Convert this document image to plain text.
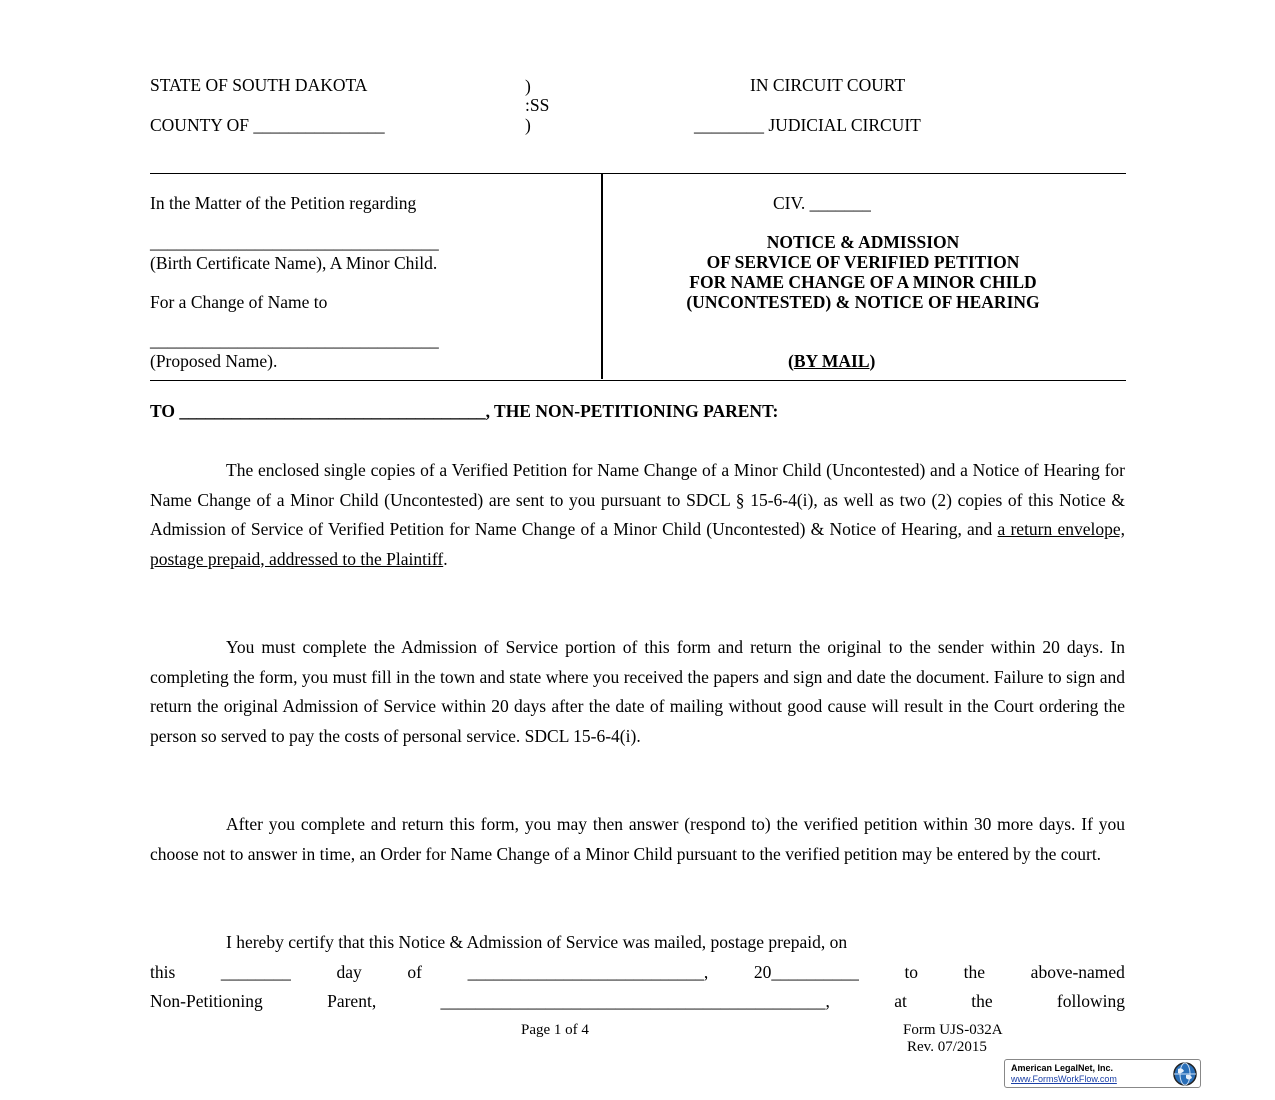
STATE OF SOUTH DAKOTA
COUNTY OF _______________
)
:SS
)
IN CIRCUIT COURT
________ JUDICIAL CIRCUIT
In the Matter of the Petition regarding
_________________________________
(Birth Certificate Name), A Minor Child.
For a Change of Name to
_________________________________
(Proposed Name).
CIV. _______
NOTICE & ADMISSION
OF SERVICE OF VERIFIED PETITION
FOR NAME CHANGE OF A MINOR CHILD
(UNCONTESTED) & NOTICE OF HEARING
(BY MAIL)
TO ___________________________________, THE NON-PETITIONING PARENT:
The enclosed single copies of a Verified Petition for Name Change of a Minor Child (Uncontested) and a Notice of Hearing for Name Change of a Minor Child (Uncontested) are sent to you pursuant to SDCL § 15-6-4(i), as well as two (2) copies of this Notice & Admission of Service of Verified Petition for Name Change of a Minor Child (Uncontested) & Notice of Hearing, and a return envelope, postage prepaid, addressed to the Plaintiff.
You must complete the Admission of Service portion of this form and return the original to the sender within 20 days. In completing the form, you must fill in the town and state where you received the papers and sign and date the document. Failure to sign and return the original Admission of Service within 20 days after the date of mailing without good cause will result in the Court ordering the person so served to pay the costs of personal service. SDCL 15-6-4(i).
After you complete and return this form, you may then answer (respond to) the verified petition within 30 more days. If you choose not to answer in time, an Order for Name Change of a Minor Child pursuant to the verified petition may be entered by the court.
I hereby certify that this Notice & Admission of Service was mailed, postage prepaid, on
this	________	day	of	___________________________,	20__________	to	the	above-named
Non-Petitioning	Parent,	____________________________________________,	at	the	following
Page 1 of 4	Form UJS-032A
Rev. 07/2015
American LegalNet, Inc.
www.FormsWorkFlow.com
